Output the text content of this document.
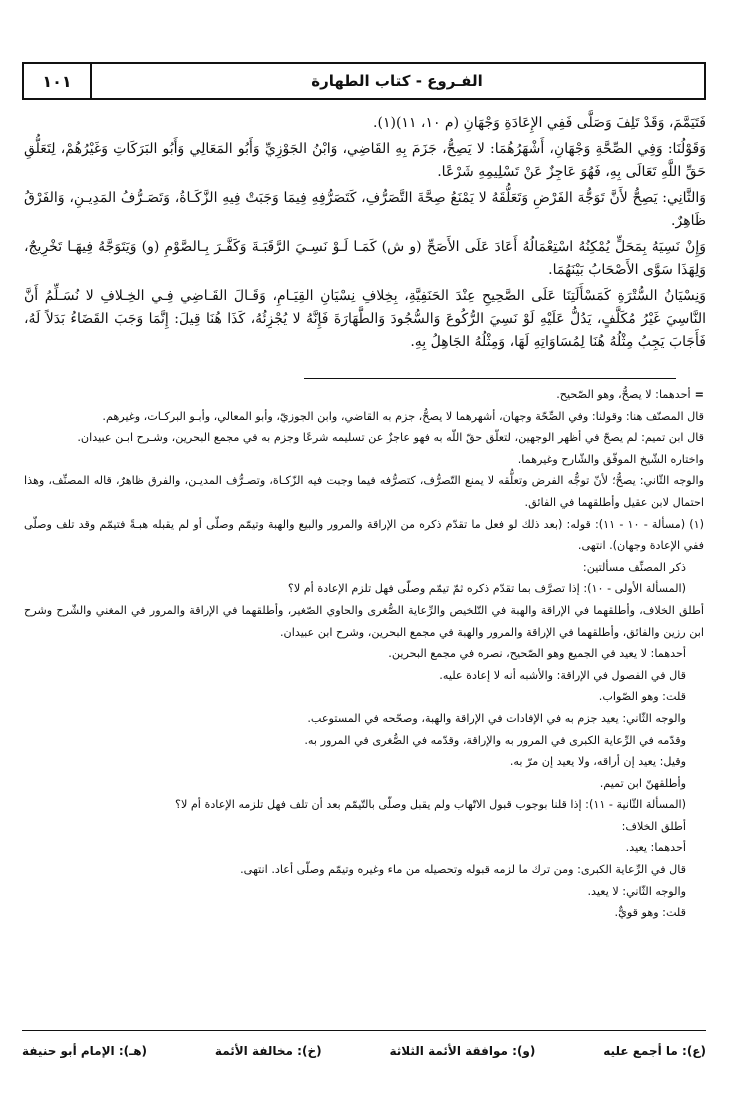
١٠١	الفـروع - كتاب الطهارة

فَتَيَمَّمَ، وَقَدْ تَلِفَ وَصَلَّى فَفِي الإِعَادَةِ وَجْهَانِ (م ١٠، ١١)(١).

وَقَوْلُنَا: وَفِي الصِّحَّةِ وَجْهَانِ، أَشْهَرُهُمَا: لا يَصِحُّ، جَزَمَ بِهِ القَاضِي، وَابْنُ الجَوْزِيِّ وَأَبُو المَعَالِي وَأَبُو البَرَكَاتِ وَغَيْرُهُمْ، لِتَعَلُّقِ حَقِّ اللَّهِ تَعَالَى بِهِ، فَهُوَ عَاجِزٌ عَنْ تَسْلِيمِهِ شَرْعًا.

وَالثَّانِي: يَصِحُّ لأَنَّ تَوَجُّهَ الفَرْضِ وَتَعَلُّقَهُ لا يَمْنَعُ صِحَّةَ التَّصَرُّفِ، كَتَصَرُّفِهِ فِيمَا وَجَبَتْ فِيهِ الزَّكَـاةُ، وَتَصَـرُّفُ المَدِيـنِ، وَالفَرْقُ ظَاهِرٌ.

وَإِنْ نَسِيَهُ بِمَحَلٍّ يُمْكِنُهُ اسْتِعْمَالُهُ أَعَادَ عَلَى الأَصَحِّ (و ش) كَمَـا لَـوْ نَسِـيَ الرَّقَبَـةَ وَكَفَّـرَ بِـالصَّوْمِ (و) وَيَتَوَجَّهُ فِيهَـا تَخْرِيجٌ، وَلِهَذَا سَوَّى الأَصْحَابُ بَيْنَهُمَا.

وَنِسْيَانُ السُّتْرَةِ كَمَسْأَلَتِنَا عَلَى الصَّحِيحِ عِنْدَ الحَنَفِيَّةِ، بِخِلافِ نِسْيَانِ القِيَـامِ، وَقَـالَ القَـاضِي فِـي الخِـلافِ لا نُسَـلِّمُ أَنَّ النَّاسِيَ غَيْرُ مُكَلَّفٍ، يَدُلُّ عَلَيْهِ لَوْ نَسِيَ الرُّكُوعَ وَالسُّجُودَ وَالطَّهَارَةَ فَإِنَّهُ لا يُجْزِئُهُ، كَذَا هُنَا قِيلَ: إِنَّمَا وَجَبَ القَضَاءُ بَدَلاً لَهُ، فَأَجَابَ يَجِبُ مِثْلُهُ هُنَا لِمُسَاوَاتِهِ لَهَا، وَمِثْلُهُ الجَاهِلُ بِهِ.

=أحدهما: لا يصحُّ، وهو الصّحيح.

قال المصنّف هنا: وقولنا: وفي الصِّحّة وجهان، أشهرهما لا يصحُّ، جزم به القاضي، وابن الجوزيّ، وأبو المعالي، وأبـو البركـات، وغيرهم.

قال ابن تميم: لم يصحّ في أظهر الوجهين، لتعلّق حقّ اللّه به فهو عاجزٌ عن تسليمه شرعًا وجزم به في مجمع البحرين، وشـرح ابـن عبيدان.

واختاره الشّيخ الموفّق والشّارح وغيرهما.

والوجه الثّاني: يصحُّ؛ لأنّ توجُّه الفرض وتعلُّقه لا يمنع التّصرُّف، كتصرُّفه فيما وجبت فيه الزّكـاة، وتصـرُّف المديـن، والفرق ظاهرٌ، قاله المصنِّف، وهذا احتمال لابن عقيل وأطلقهما في الفائق.

(١) (مسألة - ١٠ - ١١): قوله: (بعد ذلك لو فعل ما تقدّم ذكره من الإراقة والمرور والبيع والهبة وتيمّم وصلّى أو لم يقبله هبـةً فتيمّم وقد تلف وصلّى ففي الإعادة وجهان). انتهى.

ذكر المصنِّف مسألتين:

(المسألة الأولى - ١٠): إذا تصرَّف بما تقدّم ذكره ثمّ تيمّم وصلّى فهل تلزم الإعادة أم لا؟

أطلق الخلاف، وأطلقهما في الإراقة والهبة في التّلخيص والرِّعاية الصُّغرى والحاوي الصّغير، وأطلقهما في الإراقة والمرور في المغني والشّرح وشرح ابن رزين والفائق، وأطلقهما في الإراقة والمرور والهبة في مجمع البحرين، وشرح ابن عبيدان.

أحدهما: لا يعيد في الجميع وهو الصّحيح، نصره في مجمع البحرين.

قال في الفصول في الإراقة: والأشبه أنه لا إعادة عليه.

قلت: وهو الصّواب.

والوجه الثّاني: يعيد جزم به في الإفادات في الإراقة والهبة، وصحّحه في المستوعب.

وقدّمه في الرِّعاية الكبرى في المرور به والإراقة، وقدّمه في الصُّغرى في المرور به.

وقيل: يعيد إن أراقه، ولا يعيد إن مرّ به.

وأطلقهنّ ابن تميم.

(المسألة الثّانية - ١١): إذا قلنا بوجوب قبول الاتّهاب ولم يقبل وصلّى بالتّيمّم بعد أن تلف فهل تلزمه الإعادة أم لا؟

أطلق الخلاف:

أحدهما: يعيد.

قال في الرِّعاية الكبرى: ومن ترك ما لزمه قبوله وتحصيله من ماء وغيره وتيمّم وصلّى أعاد. انتهى.

والوجه الثّاني: لا يعيد.

قلت: وهو قويٌّ.

(ع): ما أجمع عليه
(و): موافقة الأئمة الثلاثة
(خ): مخالفة الأئمة
(هـ): الإمام أبو حنيفة
